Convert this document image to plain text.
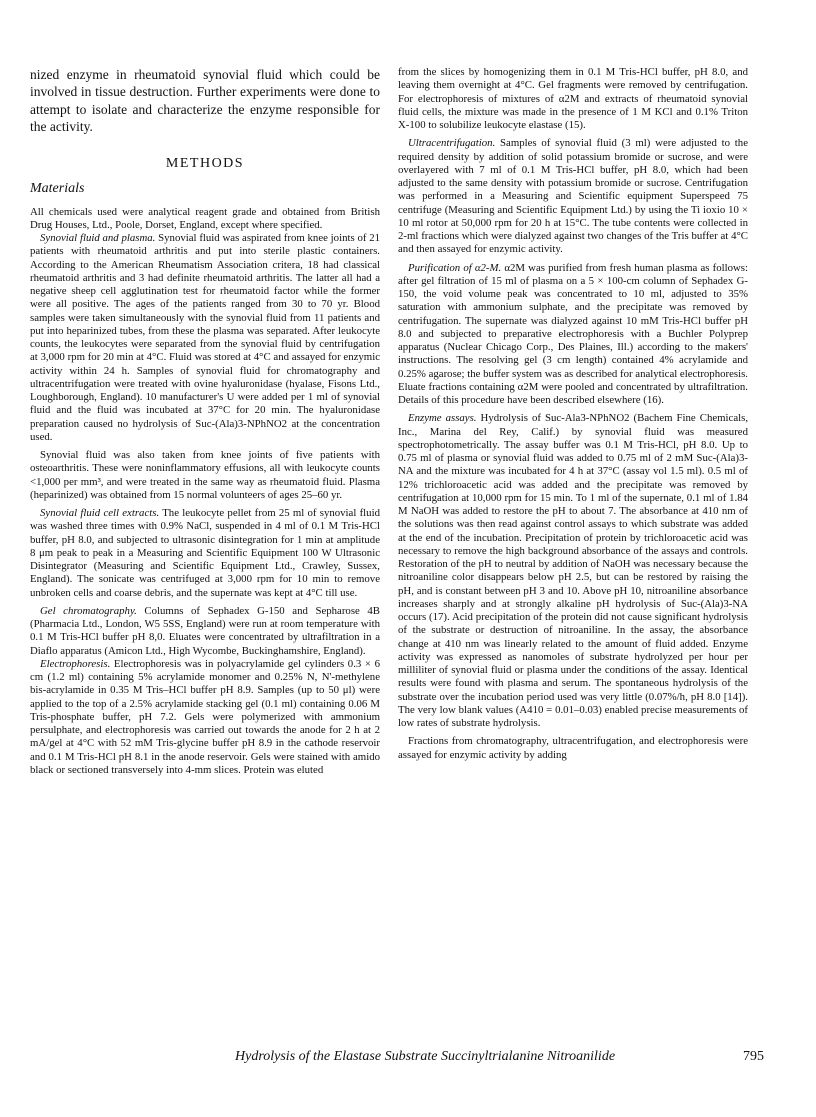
nized enzyme in rheumatoid synovial fluid which could be involved in tissue destruction. Further experiments were done to attempt to isolate and characterize the enzyme responsible for the activity.

METHODS
Materials

All chemicals used were analytical reagent grade and obtained from British Drug Houses, Ltd., Poole, Dorset, England, except where specified.

Synovial fluid and plasma. Synovial fluid was aspirated from knee joints of 21 patients with rheumatoid arthritis and put into sterile plastic containers. According to the American Rheumatism Association critera, 18 had classical rheumatoid arthritis and 3 had definite rheumatoid arthritis. The latter all had a negative sheep cell agglutination test for rheumatoid factor while the former were all positive. The ages of the patients ranged from 30 to 70 yr. Blood samples were taken simultaneously with the synovial fluid from 11 patients and put into heparinized tubes, from these the plasma was separated. After leukocyte counts, the leukocytes were separated from the synovial fluid by centrifugation at 3,000 rpm for 20 min at 4°C. Fluid was stored at 4°C and assayed for enzymic activity within 24 h. Samples of synovial fluid for chromatography and ultracentrifugation were treated with ovine hyaluronidase (hyalase, Fisons Ltd., Loughborough, England). 10 manufacturer's U were added per 1 ml of synovial fluid and the fluid was incubated at 37°C for 20 min. The hyaluronidase preparation caused no hydrolysis of Suc-(Ala)3-NPhNO2 at the concentration used.

Synovial fluid was also taken from knee joints of five patients with osteoarthritis. These were noninflammatory effusions, all with leukocyte counts <1,000 per mm³, and were treated in the same way as rheumatoid fluid. Plasma (heparinized) was obtained from 15 normal volunteers of ages 25–60 yr.

Synovial fluid cell extracts. The leukocyte pellet from 25 ml of synovial fluid was washed three times with 0.9% NaCl, suspended in 4 ml of 0.1 M Tris-HCl buffer, pH 8.0, and subjected to ultrasonic disintegration for 1 min at amplitude 8 μm peak to peak in a Measuring and Scientific Equipment 100 W Ultrasonic Disintegrator (Measuring and Scientific Equipment Ltd., Crawley, Sussex, England). The sonicate was centrifuged at 3,000 rpm for 10 min to remove unbroken cells and coarse debris, and the supernate was kept at 4°C till use.

Gel chromatography. Columns of Sephadex G-150 and Sepharose 4B (Pharmacia Ltd., London, W5 5SS, England) were run at room temperature with 0.1 M Tris-HCl buffer pH 8,0. Eluates were concentrated by ultrafiltration in a Diaflo apparatus (Amicon Ltd., High Wycombe, Buckinghamshire, England).

Electrophoresis. Electrophoresis was in polyacrylamide gel cylinders 0.3 × 6 cm (1.2 ml) containing 5% acrylamide monomer and 0.25% N, N'-methylene bis-acrylamide in 0.35 M Tris–HCl buffer pH 8.9. Samples (up to 50 μl) were applied to the top of a 2.5% acrylamide stacking gel (0.1 ml) containing 0.06 M Tris-phosphate buffer, pH 7.2. Gels were polymerized with ammonium persulphate, and electrophoresis was carried out towards the anode for 2 h at 2 mA/gel at 4°C with 52 mM Tris-glycine buffer pH 8.9 in the cathode reservoir and 0.1 M Tris-HCl pH 8.1 in the anode reservoir. Gels were stained with amido black or sectioned transversely into 4-mm slices. Protein was eluted

from the slices by homogenizing them in 0.1 M Tris-HCl buffer, pH 8.0, and leaving them overnight at 4°C. Gel fragments were removed by centrifugation. For electrophoresis of mixtures of α2M and extracts of rheumatoid synovial fluid cells, the mixture was made in the presence of 1 M KCl and 0.1% Triton X-100 to solubilize leukocyte elastase (15).

Ultracentrifugation. Samples of synovial fluid (3 ml) were adjusted to the required density by addition of solid potassium bromide or sucrose, and were overlayered with 7 ml of 0.1 M Tris-HCl buffer, pH 8.0, which had been adjusted to the same density with potassium bromide or sucrose. Centrifugation was performed in a Measuring and Scientific equipment Superspeed 75 centrifuge (Measuring and Scientific Equipment Ltd.) by using the Ti ioxio 10 × 10 ml rotor at 50,000 rpm for 20 h at 15°C. The tube contents were collected in 2-ml fractions which were dialyzed against two changes of the Tris buffer at 4°C and then assayed for enzymic activity.

Purification of α2-M. α2M was purified from fresh human plasma as follows: after gel filtration of 15 ml of plasma on a 5 × 100-cm column of Sephadex G-150, the void volume peak was concentrated to 10 ml, adjusted to 35% saturation with ammonium sulphate, and the precipitate was removed by centrifugation. The supernate was dialyzed against 10 mM Tris-HCl buffer pH 8.0 and subjected to preparative electrophoresis with a Buchler Polyprep apparatus (Nuclear Chicago Corp., Des Plaines, Ill.) according to the makers' instructions. The resolving gel (3 cm length) contained 4% acrylamide and 0.25% agarose; the buffer system was as described for analytical electrophoresis. Eluate fractions containing α2M were pooled and concentrated by ultrafiltration. Details of this procedure have been described elsewhere (16).

Enzyme assays. Hydrolysis of Suc-Ala3-NPhNO2 (Bachem Fine Chemicals, Inc., Marina del Rey, Calif.) by synovial fluid was measured spectrophotometrically. The assay buffer was 0.1 M Tris-HCl, pH 8.0. Up to 0.75 ml of plasma or synovial fluid was added to 0.75 ml of 2 mM Suc-(Ala)3-NA and the mixture was incubated for 4 h at 37°C (assay vol 1.5 ml). 0.5 ml of 12% trichloroacetic acid was added and the precipitate was removed by centrifugation at 10,000 rpm for 15 min. To 1 ml of the supernate, 0.1 ml of 1.84 M NaOH was added to restore the pH to about 7. The absorbance at 410 nm of the solutions was then read against control assays to which substrate was added at the end of the incubation. Precipitation of protein by trichloroacetic acid was necessary to remove the high background absorbance of the assays and controls. Restoration of the pH to neutral by addition of NaOH was necessary because the nitroaniline color disappears below pH 2.5, but can be restored by raising the pH, and is constant between pH 3 and 10. Above pH 10, nitroaniline absorbance increases sharply and at strongly alkaline pH hydrolysis of Suc-(Ala)3-NA occurs (17). Acid precipitation of the protein did not cause significant hydrolysis of the substrate or destruction of nitroaniline. In the assay, the absorbance change at 410 nm was linearly related to the amount of fluid added. Enzyme activity was expressed as nanomoles of substrate hydrolyzed per hour per milliliter of synovial fluid or plasma under the conditions of the assay. Identical results were found with plasma and serum. The spontaneous hydrolysis of the substrate over the incubation period used was very little (0.07%/h, pH 8.0 [14]). The very low blank values (A410 = 0.01–0.03) enabled precise measurements of low rates of substrate hydrolysis.

Fractions from chromatography, ultracentrifugation, and electrophoresis were assayed for enzymic activity by adding

Hydrolysis of the Elastase Substrate Succinyltrialanine Nitroanilide	795
